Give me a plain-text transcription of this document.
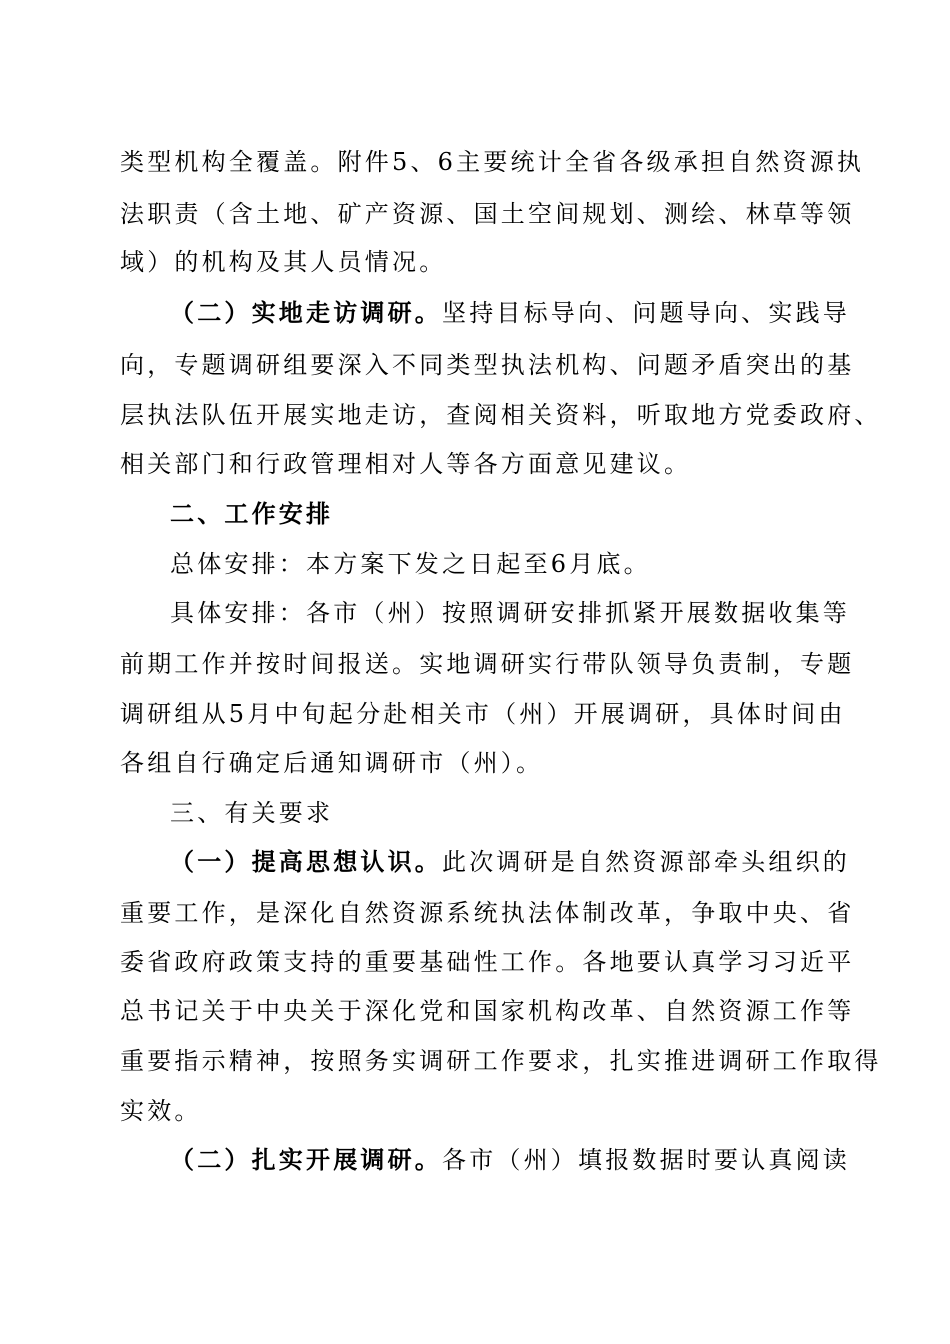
类型机构全覆盖。附件5、6主要统计全省各级承担自然资源执
法职责（含土地、矿产资源、国土空间规划、测绘、林草等领
域）的机构及其人员情况。
（二）实地走访调研。坚持目标导向、问题导向、实践导
向，专题调研组要深入不同类型执法机构、问题矛盾突出的基
层执法队伍开展实地走访，查阅相关资料，听取地方党委政府、
相关部门和行政管理相对人等各方面意见建议。
二、工作安排
总体安排：本方案下发之日起至6月底。
具体安排：各市（州）按照调研安排抓紧开展数据收集等
前期工作并按时间报送。实地调研实行带队领导负责制，专题
调研组从5月中旬起分赴相关市（州）开展调研，具体时间由
各组自行确定后通知调研市（州）。
三、有关要求
（一）提高思想认识。此次调研是自然资源部牵头组织的
重要工作，是深化自然资源系统执法体制改革，争取中央、省
委省政府政策支持的重要基础性工作。各地要认真学习习近平
总书记关于中央关于深化党和国家机构改革、自然资源工作等
重要指示精神，按照务实调研工作要求，扎实推进调研工作取得
实效。
（二）扎实开展调研。各市（州）填报数据时要认真阅读
